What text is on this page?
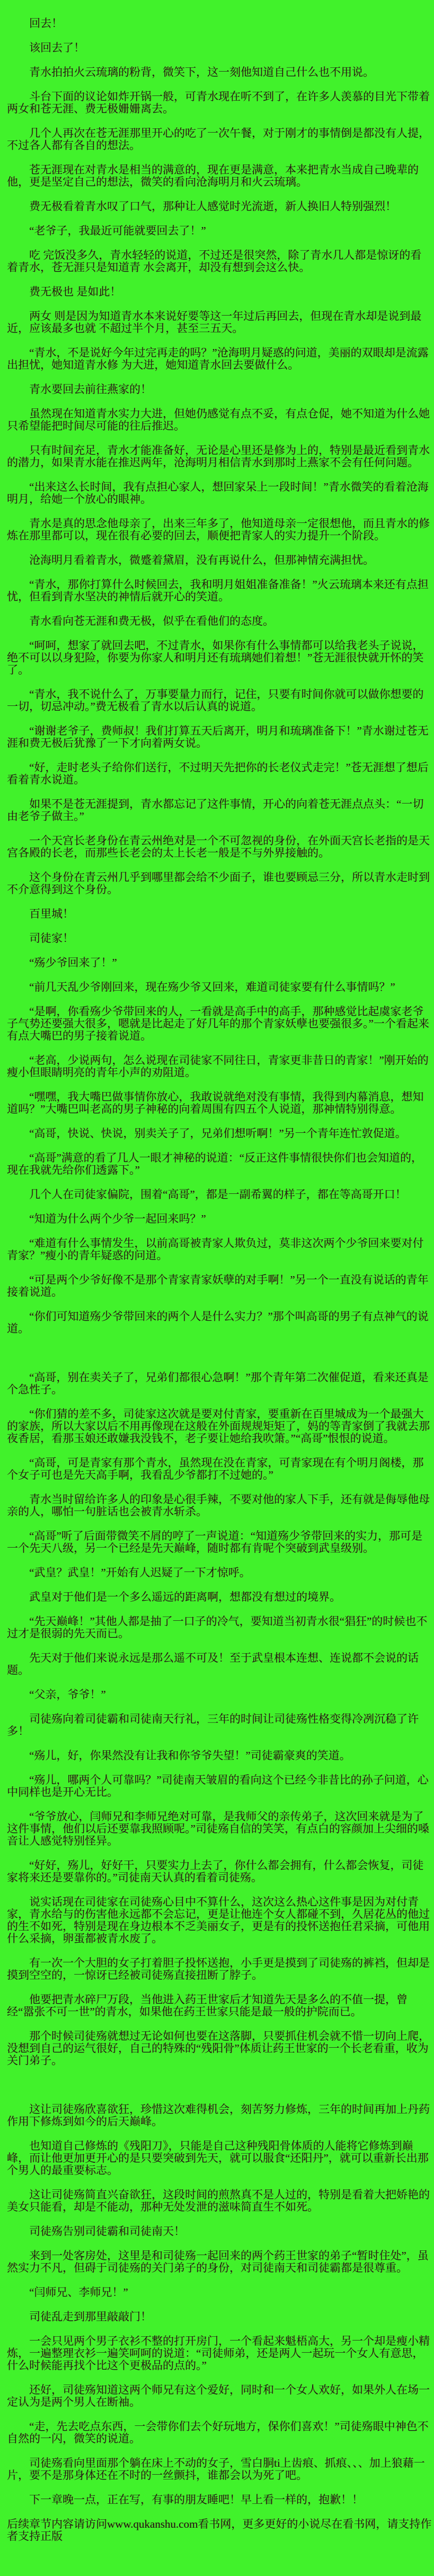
回去！

该回去了！

青水拍拍火云琉璃的粉背，微笑下，这一刻他知道自己什么也不用说。

斗台下面的议论如炸开锅一般，可青水现在听不到了，在许多人羡慕的目光下带着两女和苍无涯、费无极姗姗离去。

几个人再次在苍无涯那里开心的吃了一次午餐，对于刚才的事情倒是都没有人提，不过各人都有各自的想法。

苍无涯现在对青水是相当的满意的，现在更是满意，本来把青水当成自己晚辈的他，更是坚定自己的想法，微笑的看向沧海明月和火云琉璃。

费无极看着青水叹了口气，那种让人感觉时光流逝，新人换旧人特别强烈！

“老爷子，我最近可能就要回去了！”

吃 完饭没多久，青水轻轻的说道，不过还是很突然，除了青水几人都是惊讶的看着青水，苍无涯只是知道青 水会离开，却没有想到会这么快。

费无极也 是如此！

两女 则是因为知道青水本来说好要等这一年过后再回去，但现在青水却是说到最近，应该最多也就 不超过半个月，甚至三五天。

“青水，不是说好今年过完再走的吗？”沧海明月疑惑的问道，美丽的双眼却是流露出担忧，她知道青水修 为大进，她知道青水回去要做什么。

青水要回去前往燕家的！

虽然现在知道青水实力大进，但她仍感觉有点不妥，有点仓促，她不知道为什么她只希望能把时间尽可能的往后推迟。

只有时间充足，青水才能准备好，无论是心里还是修为上的，特别是最近看到青水的潜力，如果青水能在推迟两年，沧海明月相信青水到那时上燕家不会有任何问题。

“出来这么长时间，我有点担心家人，想回家呆上一段时间！”青水微笑的看着沧海明月，给她一个放心的眼神。

青水是真的思念他母亲了，出来三年多了，他知道母亲一定很想他，而且青水的修炼在那里都可以，现在很有必要的回去，顺便把青家人的实力提升一个阶段。

沧海明月看着青水，微蹙着黛眉，没有再说什么，但那神情充满担忧。

“青水，那你打算什么时候回去，我和明月姐姐准备准备！”火云琉璃本来还有点担忧，但看到青水坚决的神情后就开心的笑道。

青水看向苍无涯和费无极，似乎在看他们的态度。

“呵呵，想家了就回去吧，不过青水，如果你有什么事情都可以给我老头子说说，绝不可以以身犯险，你要为你家人和明月还有琉璃她们着想！”苍无涯很快就开怀的笑了。

“青水，我不说什么了，万事要量力而行，记住，只要有时间你就可以做你想要的一切，切忌冲动。”费无极看了青水以后认真的说道。

“谢谢老爷子，费师叔！我们打算五天后离开，明月和琉璃准备下！”青水谢过苍无涯和费无极后犹豫了一下才向着两女说。

“好，走时老头子给你们送行，不过明天先把你的长老仪式走完！”苍无涯想了想后看着青水说道。

如果不是苍无涯提到，青水都忘记了这件事情，开心的向着苍无涯点点头：“一切由老爷子做主。”

一个天宫长老身份在青云州绝对是一个不可忽视的身份，在外面天宫长老指的是天宫各殿的长老，而那些长老会的太上长老一般是不与外界接触的。

这个身份在青云州几乎到哪里都会给不少面子，谁也要顾忌三分，所以青水走时到不介意得到这个身份。

百里城！

司徒家！

“殇少爷回来了！”

“前几天乱少爷刚回来，现在殇少爷又回来，难道司徒家要有什么事情吗？”

“是啊，你看殇少爷带回来的人，一看就是高手中的高手，那种感觉比起虞家老爷子气势还要强大很多，嗯就是比起走了好几年的那个青家妖孽也要强很多。”一个看起来有点大嘴巴的男子接着说道。

“老高，少说两句，怎么说现在司徒家不同往日，青家更非昔日的青家！”刚开始的瘦小但眼睛明亮的青年小声的劝阻道。

“嘿嘿，我大嘴巴做事情你放心，我敢说就绝对没有事情，我得到内幕消息，想知道吗？”大嘴巴叫老高的男子神秘的向着周围有四五个人说道，那神情特别得意。

“高哥，快说、快说，别卖关子了，兄弟们想听啊！”另一个青年连忙敦促道。

“高哥”满意的看了几人一眼才神秘的说道：“反正这件事情很快你们也会知道的，现在我就先给你们透露下。”

几个人在司徒家偏院，围着“高哥”，都是一副希翼的样子，都在等高哥开口！

“知道为什么两个少爷一起回来吗？”

“难道有什么事情发生，以前高哥被青家人欺负过，莫非这次两个少爷回来要对付青家？”瘦小的青年疑惑的问道。

“可是两个少爷好像不是那个青家青家妖孽的对手啊！”另一个一直没有说话的青年接着说道。

“你们可知道殇少爷带回来的两个人是什么实力？”那个叫高哥的男子有点神气的说道。

“高哥，别在卖关子了，兄弟们都很心急啊！”那个青年第二次催促道，看来还真是个急性子。

“你们猜的差不多，司徒家这次就是要对付青家，要重新在百里城成为一个最强大的家族，所以大家以后不用再像现在这般在外面规规矩矩了，妈的等青家倒了我就去那夜香居，看那玉娘还敢嫌我没钱不，老子要让她给我吹箫。”“高哥”恨恨的说道。

“高哥，可是青家有那个青水，虽然现在没在青家，可青家现在有个明月阁楼，那个女子可也是先天高手啊，我看乱少爷都打不过她的。”

青水当时留给许多人的印象是心很手辣，不要对他的家人下手，还有就是侮辱他母亲的人，哪怕一句脏话也会被青水斩杀。

“高哥”听了后面带微笑不屑的哼了一声说道：“知道殇少爷带回来的实力，那可是一个先天八级，另一个已经是先天巅峰，随时都有肯呢个突破到武皇级别。

“武皇？武皇！”开始有人迟疑了一下才惊呼。

武皇对于他们是一个多么遥远的距离啊，想都没有想过的境界。

“先天巅峰！”其他人都是抽了一口子的冷气，要知道当初青水很“猖狂”的时候也不过才是很弱的先天而已。

先天对于他们来说永远是那么遥不可及！至于武皇根本连想、连说都不会说的话题。

“父亲，爷爷！”

司徒殇向着司徒霸和司徒南天行礼，三年的时间让司徒殇性格变得冷冽沉稳了许多！

“殇儿，好，你果然没有让我和你爷爷失望！”司徒霸豪爽的笑道。

“殇儿，哪两个人可靠吗？”司徒南天皱眉的看向这个已经今非昔比的孙子问道，心中同样也是开心无比。

“爷爷放心，闫师兄和李师兄绝对可靠，是我师父的亲传弟子，这次回来就是为了这件事情，他们以后还要靠我照顾呢。”司徒殇自信的笑笑，有点白的容颜加上尖细的嗓音让人感觉特别怪异。

“好好，殇儿，好好干，只要实力上去了，你什么都会拥有，什么都会恢复，司徒家将来还是要靠你的。”司徒南天认真的看着司徒殇。

说实话现在司徒家在司徒殇心目中不算什么，这次这么热心这件事是因为对付青家，青水给与的伤害他永远都不会忘记，更是让他连个女人都碰不到，久居花丛的他过的生不如死，特别是现在身边根本不乏美丽女子，更是有的投怀送抱任君采摘，可他用什么采摘，卵蛋都被青水废了。

有一次一个大胆的女子打着胆子投怀送抱，小手更是摸到了司徒殇的裤裆，但却是摸到空空的，一惊讶已经被司徒殇直接扭断了脖子。

他要把青水碎尸万段，当他进入药王世家后才知道先天是多么的不值一提，曾经“嚣张不可一世”的青水，如果他在药王世家只能是最一般的护院而已。

那个时候司徒殇就想过无论如何也要在这落脚，只要抓住机会就不惜一切向上爬，没想到自己的运气很好，自己的特殊的“残阳骨”体质让药王世家的一个长老看重，收为关门弟子。

这让司徒殇欣喜欲狂，珍惜这次难得机会，刻苦努力修炼，三年的时间再加上丹药作用下修炼到如今的后天巅峰。

也知道自己修炼的《残阳刀》，只能是自己这种残阳骨体质的人能将它修炼到巅峰，而让他更加更开心的是只要突破到先天，就可以服食“还阳丹”，就可以重新长出那个男人的最重要标志。

这让司徒殇简直兴奋欲狂，这段时间的煎熬真不是人过的，特别是看着大把娇艳的美女只能看，却是不能动，那种无处发泄的滋味简直生不如死。

司徒殇告别司徒霸和司徒南天！

来到一处客房处，这里是和司徒殇一起回来的两个药王世家的弟子“暂时住处”，虽然实力不凡，但碍于司徒殇的关门弟子的身份，对司徒南天和司徒霸都是很尊重。

“闫师兄、李师兄！”

司徒乱走到那里敲敲门！

一会只见两个男子衣衫不整的打开房门，一个看起来魁梧高大，另一个却是瘦小精炼，一遍整理衣衫一遍笑呵呵的说道：“司徒师弟，还是两人一起玩一个女人有意思，什么时候能再找个比这个更极品的点的。”

还好，司徒殇知道这两个师兄有这个爱好，同时和一个女人欢好，如果外人在场一定认为是两个男人在断袖。

“走，先去吃点东西，一会带你们去个好玩地方，保你们喜欢！”司徒殇眼中神色不自然的一闪，微笑的说道。

司徒殇看向里面那个躺在床上不动的女子，雪白胴ti上齿痕、抓痕、、、加上狼藉一片，要不是那身体还在不时的一丝颤抖，谁都会以为死了吧。

下一章晚一点，正在写，有事的朋友睡吧！早上看一样的，抱歉！！

后续章节内容请访问www.qukanshu.com看书网，更多更好的小说尽在看书网，请支持作者支持正版
